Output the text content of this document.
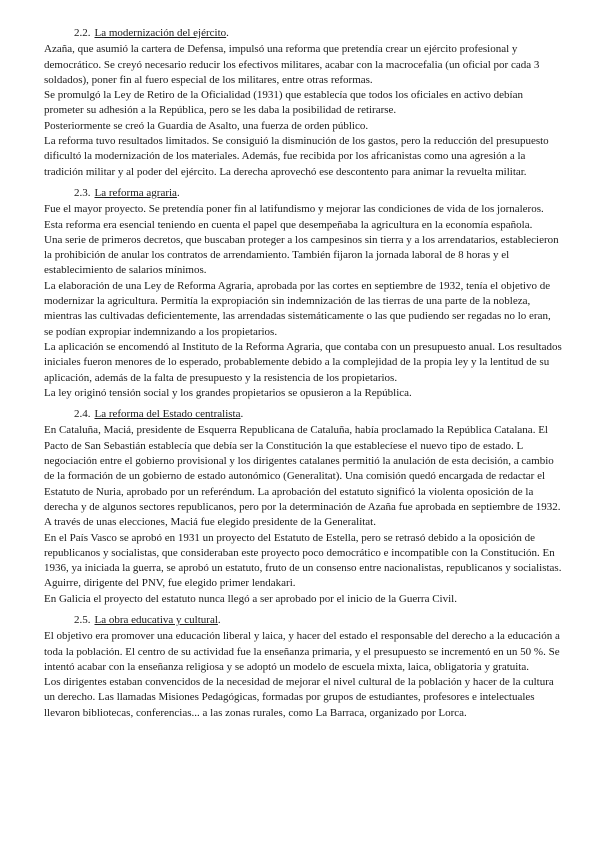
2.2. La modernización del ejército.

Azaña, que asumió la cartera de Defensa, impulsó una reforma que pretendía crear un ejército profesional y democrático. Se creyó necesario reducir los efectivos militares, acabar con la macrocefalia (un oficial por cada 3 soldados), poner fin al fuero especial de los militares, entre otras reformas.

Se promulgó la Ley de Retiro de la Oficialidad (1931) que establecía que todos los oficiales en activo debían prometer su adhesión a la República, pero se les daba la posibilidad de retirarse.

Posteriormente se creó la Guardia de Asalto, una fuerza de orden público.

La reforma tuvo resultados limitados. Se consiguió la disminución de los gastos, pero la reducción del presupuesto dificultó la modernización de los materiales. Además, fue recibida por los africanistas como una agresión a la tradición militar y al poder del ejército. La derecha aprovechó ese descontento para animar la revuelta militar.

2.3. La reforma agraria.

Fue el mayor proyecto. Se pretendía poner fin al latifundismo y mejorar las condiciones de vida de los jornaleros. Esta reforma era esencial teniendo en cuenta el papel que desempeñaba la agricultura en la economía española.

Una serie de primeros decretos, que buscaban proteger a los campesinos sin tierra y a los arrendatarios, establecieron la prohibición de anular los contratos de arrendamiento. También fijaron la jornada laboral de 8 horas y el establecimiento de salarios mínimos.

La elaboración de una Ley de Reforma Agraria, aprobada por las cortes en septiembre de 1932, tenía el objetivo de modernizar la agricultura. Permitía la expropiación sin indemnización de las tierras de una parte de la nobleza, mientras las cultivadas deficientemente, las arrendadas sistemáticamente o las que pudiendo ser regadas no lo eran, se podían expropiar indemnizando a los propietarios.

La aplicación se encomendó al Instituto de la Reforma Agraria, que contaba con un presupuesto anual. Los resultados iniciales fueron menores de lo esperado, probablemente debido a la complejidad de la propia ley y la lentitud de su aplicación, además de la falta de presupuesto y la resistencia de los propietarios.

La ley originó tensión social y los grandes propietarios se opusieron a la República.

2.4. La reforma del Estado centralista.

En Cataluña, Maciá, presidente de Esquerra Republicana de Cataluña, había proclamado la República Catalana. El Pacto de San Sebastián establecía que debía ser la Constitución la que establecíese el nuevo tipo de estado. L negociación entre el gobierno provisional y los dirigentes catalanes permitió la anulación de esta decisión, a cambio de la formación de un gobierno de estado autonómico (Generalitat). Una comisión quedó encargada de redactar el Estatuto de Nuria, aprobado por un referéndum. La aprobación del estatuto significó la violenta oposición de la derecha y de algunos sectores republicanos, pero por la determinación de Azaña fue aprobada en septiembre de 1932. A través de unas elecciones, Maciá fue elegido presidente de la Generalitat.

En el País Vasco se aprobó en 1931 un proyecto del Estatuto de Estella, pero se retrasó debido a la oposición de republicanos y socialistas, que consideraban este proyecto poco democrático e incompatible con la Constitución. En 1936, ya iniciada la guerra, se aprobó un estatuto, fruto de un consenso entre nacionalistas, republicanos y socialistas. Aguirre, dirigente del PNV, fue elegido primer lendakari.

En Galicia el proyecto del estatuto nunca llegó a ser aprobado por el inicio de la Guerra Civil.

2.5. La obra educativa y cultural.

El objetivo era promover una educación liberal y laica, y hacer del estado el responsable del derecho a la educación a toda la población. El centro de su actividad fue la enseñanza primaria, y el presupuesto se incrementó en un 50 %. Se intentó acabar con la enseñanza religiosa y se adoptó un modelo de escuela mixta, laica, obligatoria y gratuita.

Los dirigentes estaban convencidos de la necesidad de mejorar el nivel cultural de la población y hacer de la cultura un derecho. Las llamadas Misiones Pedagógicas, formadas por grupos de estudiantes, profesores e intelectuales llevaron bibliotecas, conferencias... a las zonas rurales, como La Barraca, organizado por Lorca.
